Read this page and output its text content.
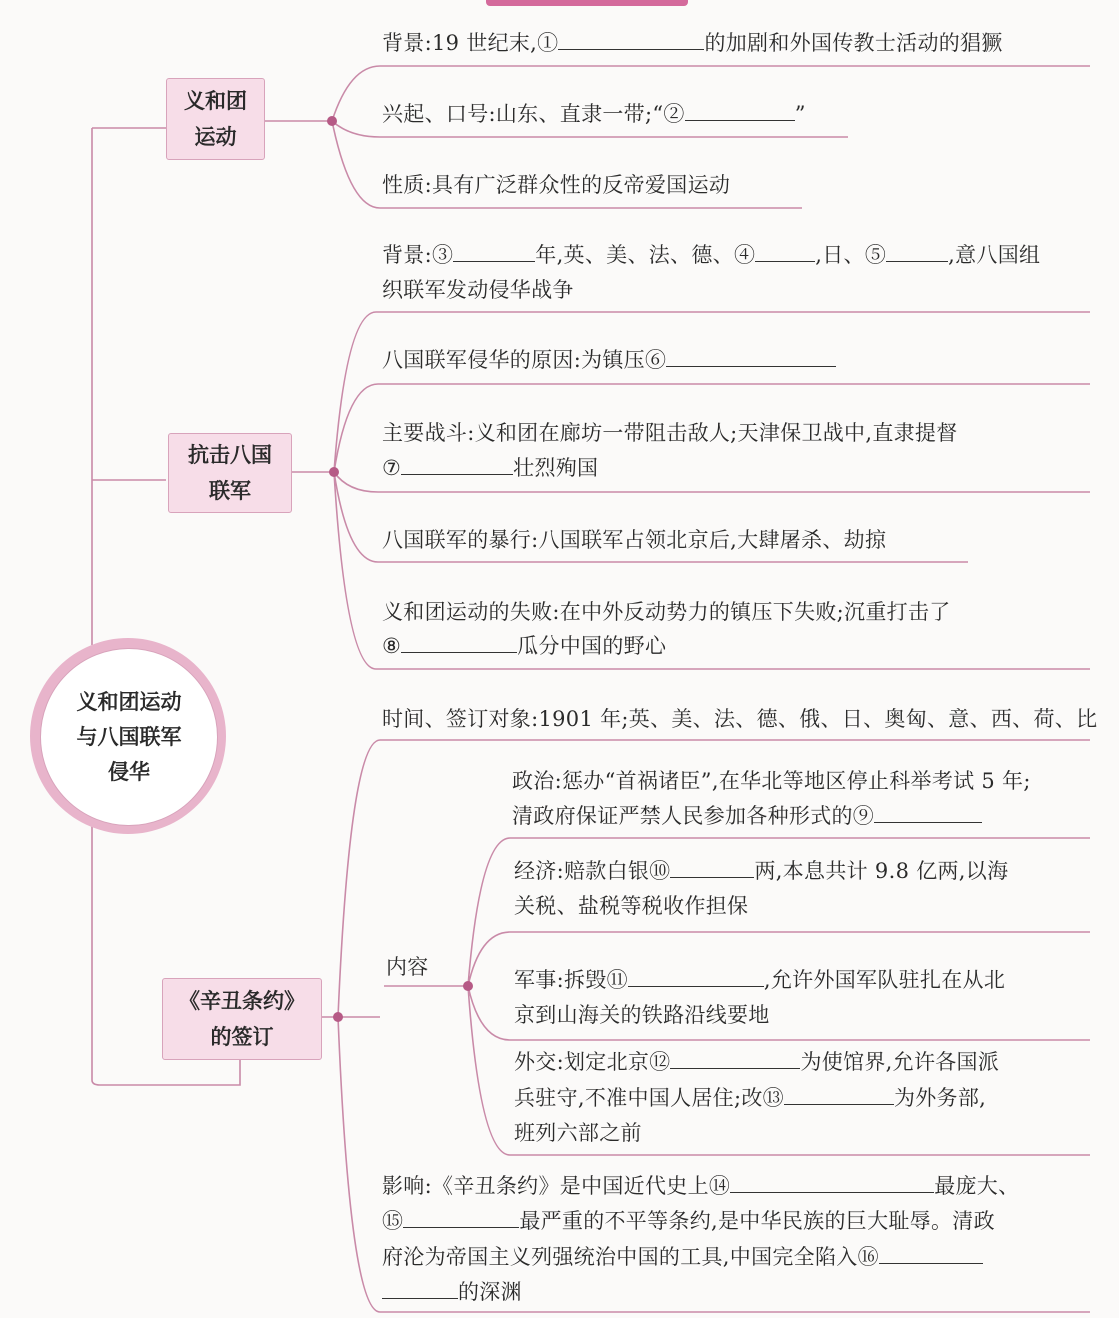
义和团
运动
抗击八国
联军
《辛丑条约》
的签订
义和团运动
与八国联军
侵华
背景:19 世纪末,①	的加剧和外国传教士活动的猖獗
兴起、口号:山东、直隶一带;“②	”
性质:具有广泛群众性的反帝爱国运动
背景:③	年,英、美、法、德、④	,日、⑤	,意八国组
织联军发动侵华战争
八国联军侵华的原因:为镇压⑥
主要战斗:义和团在廊坊一带阻击敌人;天津保卫战中,直隶提督
⑦	壮烈殉国
八国联军的暴行:八国联军占领北京后,大肆屠杀、劫掠
义和团运动的失败:在中外反动势力的镇压下失败;沉重打击了
⑧	瓜分中国的野心
时间、签订对象:1901 年;英、美、法、德、俄、日、奥匈、意、西、荷、比
内容
政治:惩办“首祸诸臣”,在华北等地区停止科举考试 5 年;
清政府保证严禁人民参加各种形式的⑨
经济:赔款白银⑩	两,本息共计 9.8 亿两,以海
关税、盐税等税收作担保
军事:拆毁⑪	,允许外国军队驻扎在从北
京到山海关的铁路沿线要地
外交:划定北京⑫	为使馆界,允许各国派
兵驻守,不准中国人居住;改⑬	为外务部,
班列六部之前
影响:《辛丑条约》是中国近代史上⑭	最庞大、
⑮	最严重的不平等条约,是中华民族的巨大耻辱。清政
府沦为帝国主义列强统治中国的工具,中国完全陷入⑯
的深渊
